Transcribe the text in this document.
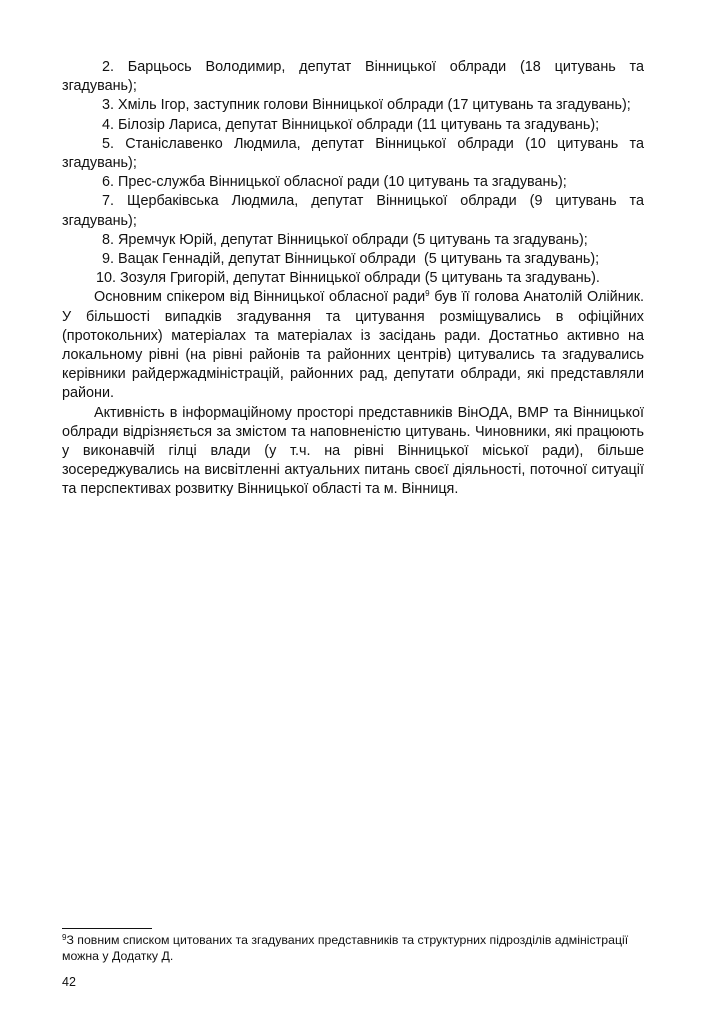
2. Барцьось Володимир, депутат Вінницької облради (18 цитувань та згадувань);

3. Хміль Ігор, заступник голови Вінницької облради (17 цитувань та згадувань);

4. Білозір Лариса, депутат Вінницької облради (11 цитувань та згадувань);

5. Станіславенко Людмила, депутат Вінницької облради (10 цитувань та згадувань);

6. Прес-служба Вінницької обласної ради (10 цитувань та згадувань);

7. Щербаківська Людмила, депутат Вінницької облради (9 цитувань та згадувань);

8. Яремчук Юрій, депутат Вінницької облради (5 цитувань та згадувань);

9. Вацак Геннадій, депутат Вінницької облради  (5 цитувань та згадувань);

10. Зозуля Григорій, депутат Вінницької облради (5 цитувань та згадувань).

Основним спікером від Вінницької обласної ради$^9$ був її голова Анатолій Олійник. У більшості випадків згадування та цитування розміщувались в офіційних (протокольних) матеріалах та матеріалах із засідань ради. Достатньо активно на локальному рівні (на рівні районів та районних центрів) цитувались та згадувались керівники райдержадміністрацій, районних рад, депутати облради, які представляли райони.

Активність в інформаційному просторі представників ВінОДА, ВМР та Вінницької облради відрізняється за змістом та наповненістю цитувань. Чиновники, які працюють у виконавчій гілці влади (у т.ч. на рівні Вінницької міської ради), більше зосереджувались на висвітленні актуальних питань своєї діяльності, поточної ситуації та перспективах розвитку Вінницької області та м. Вінниця.

$^9$З повним списком цитованих та згадуваних представників та структурних підрозділів адміністрації можна у Додатку Д.

42
